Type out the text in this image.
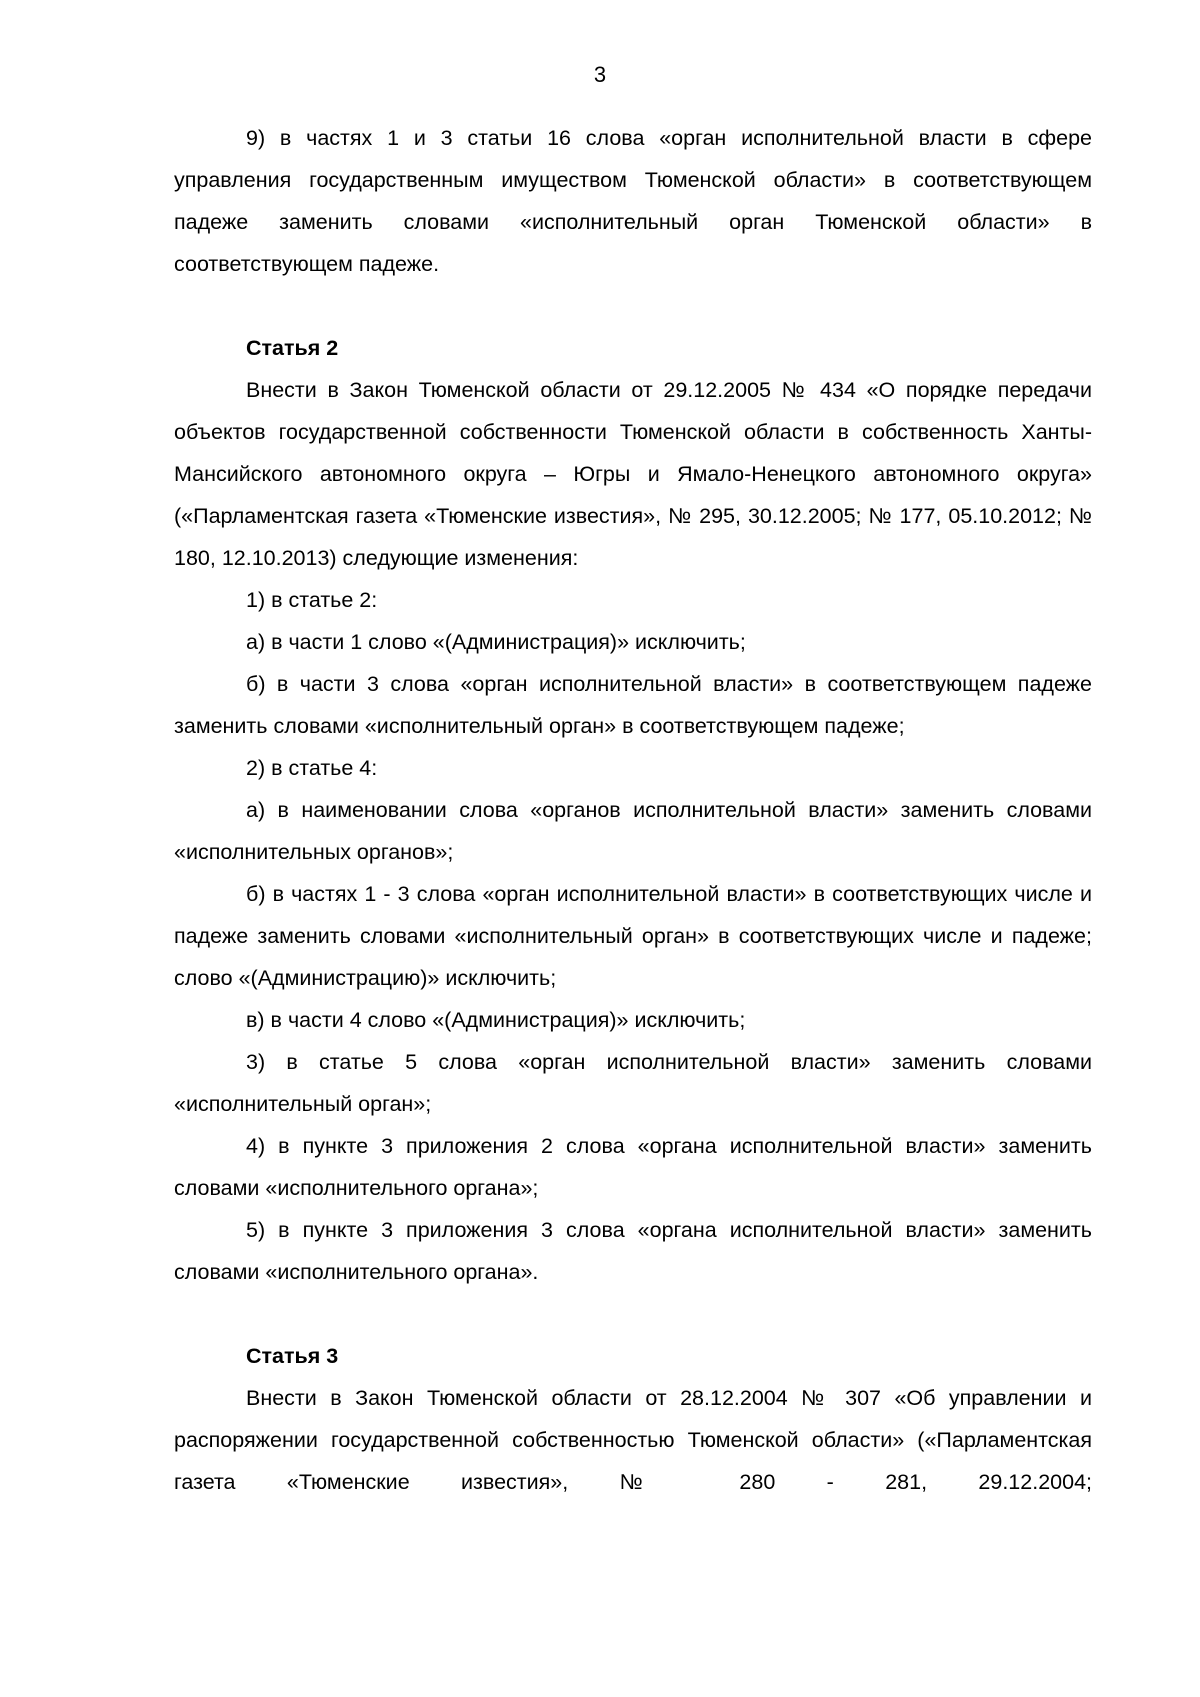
3

9) в частях 1 и 3 статьи 16 слова «орган исполнительной власти в сфере управления государственным имуществом Тюменской области» в соответствующем падеже заменить словами «исполнительный орган Тюменской области» в соответствующем падеже.

Статья 2

Внести в Закон Тюменской области от 29.12.2005 № 434 «О порядке передачи объектов государственной собственности Тюменской области в собственность Ханты-Мансийского автономного округа – Югры и Ямало-Ненецкого автономного округа» («Парламентская газета «Тюменские известия», № 295, 30.12.2005; № 177, 05.10.2012; № 180, 12.10.2013) следующие изменения:

1) в статье 2:

а) в части 1 слово «(Администрация)» исключить;

б) в части 3 слова «орган исполнительной власти» в соответствующем падеже заменить словами «исполнительный орган» в соответствующем падеже;

2) в статье 4:

а) в наименовании слова «органов исполнительной власти» заменить словами «исполнительных органов»;

б) в частях 1 - 3 слова «орган исполнительной власти» в соответствующих числе и падеже заменить словами «исполнительный орган» в соответствующих числе и падеже; слово «(Администрацию)» исключить;

в) в части 4 слово «(Администрация)» исключить;

3) в статье 5 слова «орган исполнительной власти» заменить словами «исполнительный орган»;

4) в пункте 3 приложения 2 слова «органа исполнительной власти» заменить словами «исполнительного органа»;

5) в пункте 3 приложения 3 слова «органа исполнительной власти» заменить словами «исполнительного органа».

Статья 3

Внести в Закон Тюменской области от 28.12.2004 № 307 «Об управлении и распоряжении государственной собственностью Тюменской области» («Парламентская газета «Тюменские известия», № 280 - 281, 29.12.2004;
